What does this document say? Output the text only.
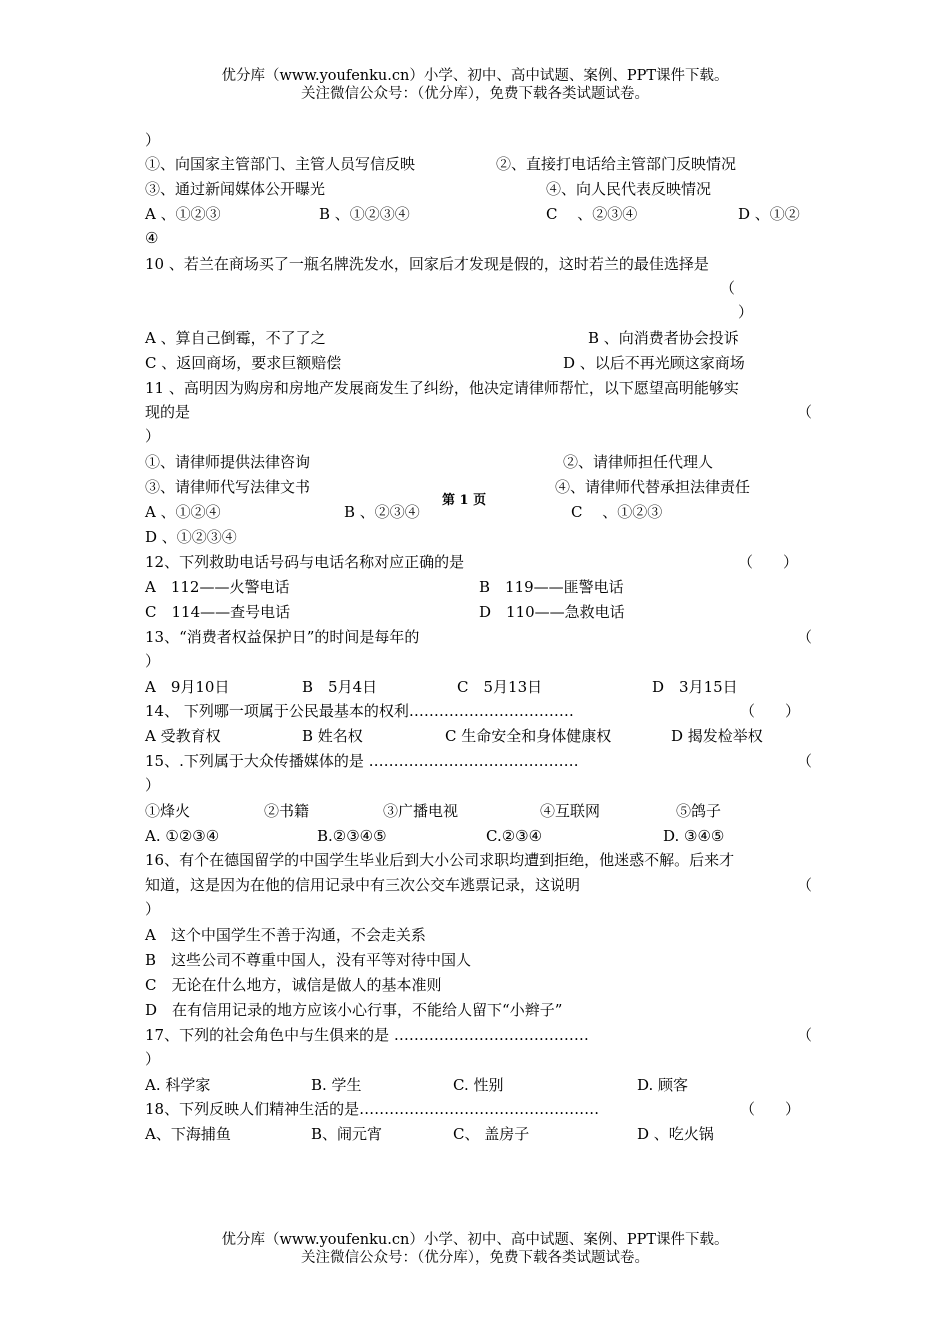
优分库（www.youfenku.cn）小学、初中、高中试题、案例、PPT课件下载。
关注微信公众号：（优分库），免费下载各类试题试卷。
）
①、向国家主管部门、主管人员写信反映	②、直接打电话给主管部门反映情况
③、通过新闻媒体公开曝光	④、向人民代表反映情况
A 、①②③	B 、①②③④	C　 、②③④	D 、①②
④
10 、若兰在商场买了一瓶名牌洗发水，回家后才发现是假的，这时若兰的最佳选择是
（
）
A 、算自己倒霉，不了了之	B 、向消费者协会投诉
C 、返回商场，要求巨额赔偿	D 、以后不再光顾这家商场
11 、高明因为购房和房地产发展商发生了纠纷，他决定请律师帮忙，以下愿望高明能够实
现的是	（
）
①、请律师提供法律咨询	②、请律师担任代理人
③、请律师代写法律文书	④、请律师代替承担法律责任
A 、①②④	B 、②③④	C　 、①②③
D 、①②③④
第 1 页
12、下列救助电话号码与电话名称对应正确的是	（　　）
A　112——火警电话	B　119——匪警电话
C　114——查号电话	D　110——急救电话
13、“消费者权益保护日”的时间是每年的	（
）
A　9月10日	B　5月4日	C　5月13日	D　3月15日
14、 下列哪一项属于公民最基本的权利……………………………	（　　）
A 受教育权	B 姓名权	C 生命安全和身体健康权	D 揭发检举权
15、.下列属于大众传播媒体的是 ……………………………………	（
）
①烽火	②书籍	③广播电视	④互联网	⑤鸽子
A. ①②③④	B.②③④⑤	C.②③④	D. ③④⑤
16、有个在德国留学的中国学生毕业后到大小公司求职均遭到拒绝，他迷惑不解。后来才
知道，这是因为在他的信用记录中有三次公交车逃票记录，这说明	（
）
A　这个中国学生不善于沟通，不会走关系
B　这些公司不尊重中国人，没有平等对待中国人
C　无论在什么地方，诚信是做人的基本准则
D　在有信用记录的地方应该小心行事，不能给人留下“小辫子”
17、下列的社会角色中与生俱来的是 …………………………………	（
）
A. 科学家	B. 学生	C. 性别	D. 顾客
18、下列反映人们精神生活的是…………………………………………	（　　）
A、下海捕鱼	B、闹元宵	C、 盖房子	D 、吃火锅
优分库（www.youfenku.cn）小学、初中、高中试题、案例、PPT课件下载。
关注微信公众号：（优分库），免费下载各类试题试卷。
